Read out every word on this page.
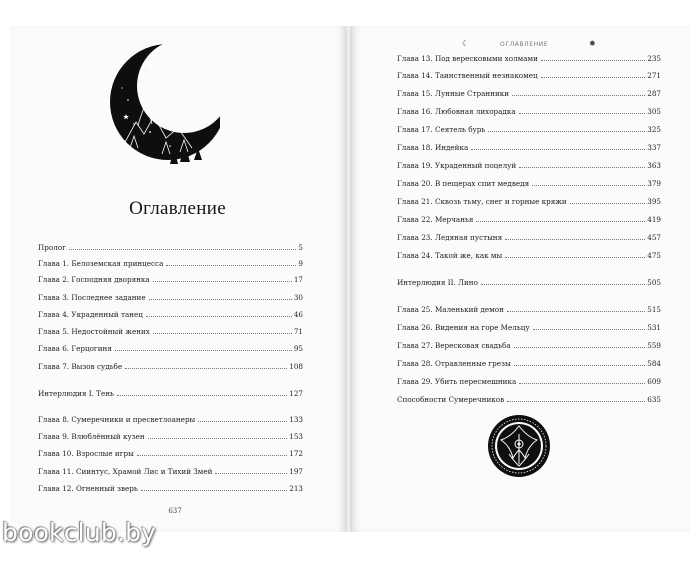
Оглавление
Пролог	5
Глава 1. Белоземская принцесса	9
Глава 2. Господняя дворянка	17
Глава 3. Последнее задание	30
Глава 4. Украденный танец	46
Глава 5. Недостойный жених	71
Глава 6. Герцогиня	95
Глава 7. Вызов судьбе	108
Интерлюдия I. Тень	127
Глава 8. Сумеречники и пресветлоанеры	133
Глава 9. Влюблённый кузен	153
Глава 10. Взрослые игры	172
Глава 11. Сиинтус, Храмой Лис и Тихий Змей	197
Глава 12. Огненный зверь	213
☾	ОГЛАВЛЕНИЕ	✹
Глава 13. Под вересковыми холмами	235
Глава 14. Таинственный незнакомец	271
Глава 15. Лунные Странники	287
Глава 16. Любовная лихорадка	305
Глава 17. Сеятель бурь	325
Глава 18. Индейка	337
Глава 19. Украденный поцелуй	363
Глава 20. В пещерах спит медведя	379
Глава 21. Сквозь тьму, снег и горные кряжи	395
Глава 22. Мерчанья	419
Глава 23. Ледяная пустыня	457
Глава 24. Такой же, как мы	475
Интерлюдия II. Лино	505
Глава 25. Маленький демон	515
Глава 26. Видения на горе Мельцу	531
Глава 27. Вересковая свадьба	559
Глава 28. Отравленные грезы	584
Глава 29. Убить пересмешника	609
Способности Сумеречников	635
637
bookclub.by
